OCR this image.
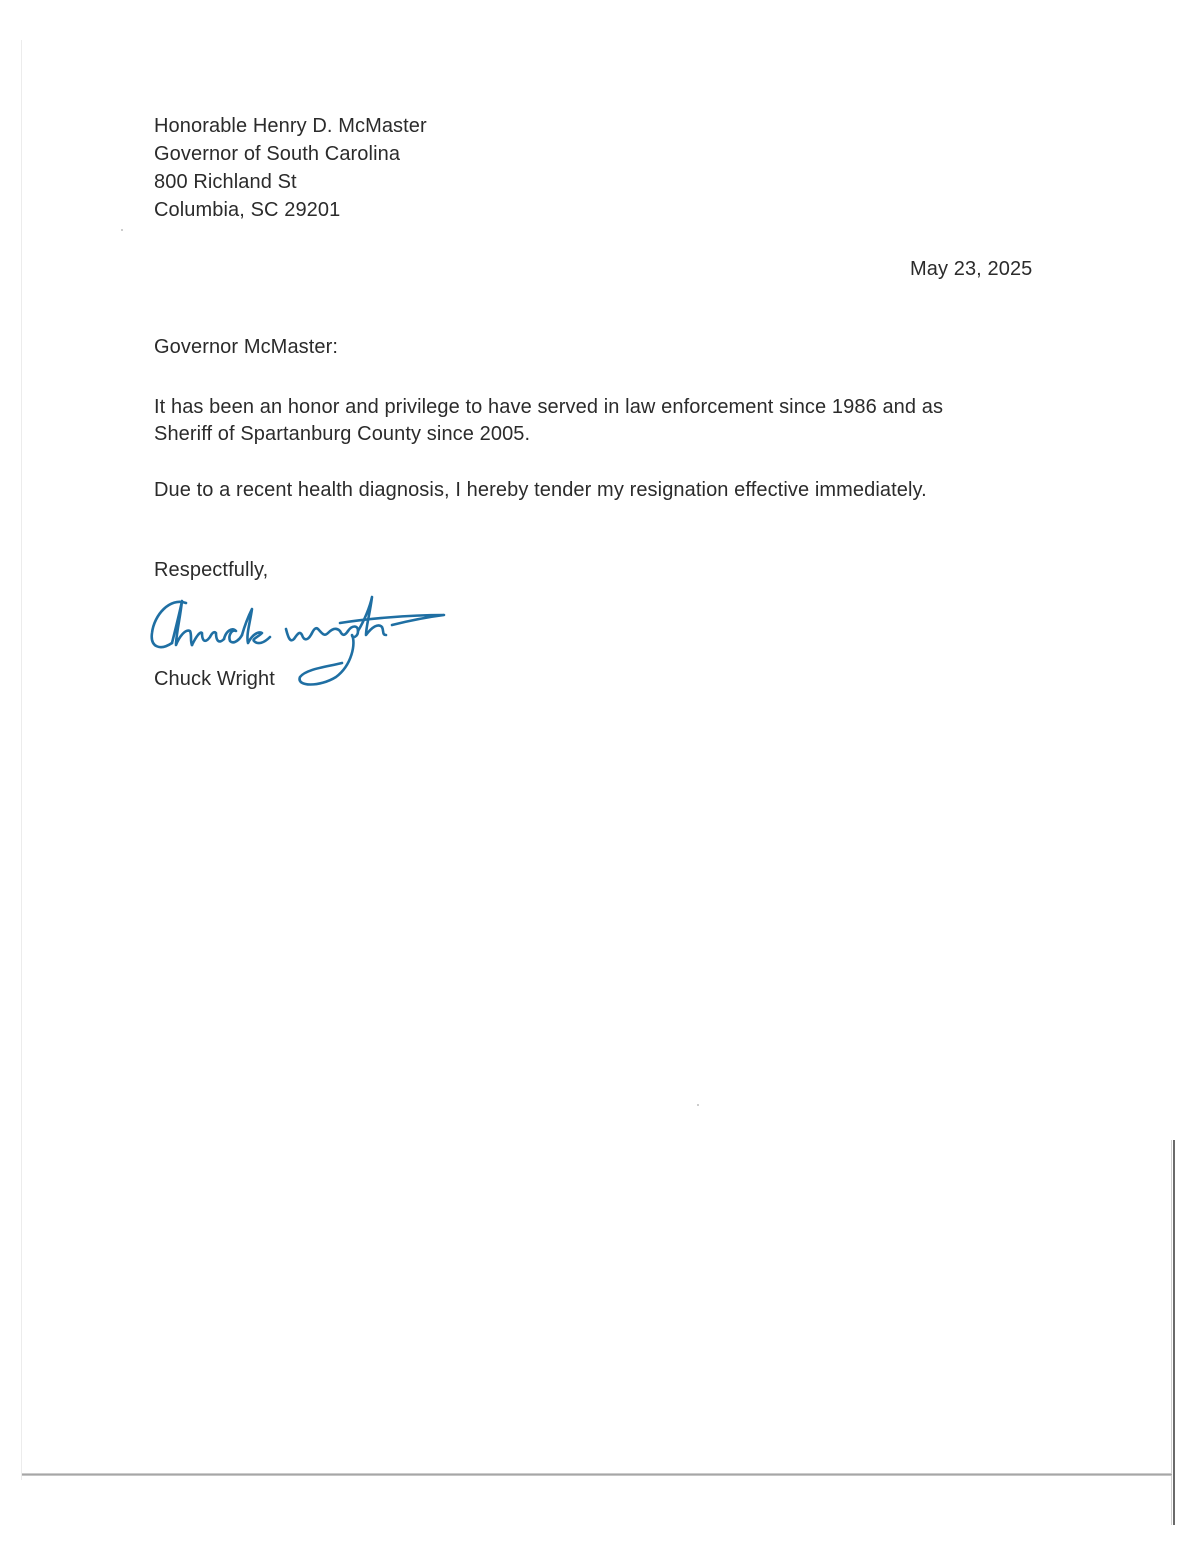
Honorable Henry D. McMaster
Governor of South Carolina
800 Richland St
Columbia, SC 29201
May 23, 2025
Governor McMaster:
It has been an honor and privilege to have served in law enforcement since 1986 and as
Sheriff of Spartanburg County since 2005.
Due to a recent health diagnosis, I hereby tender my resignation effective immediately.
Respectfully,
Chuck Wright
